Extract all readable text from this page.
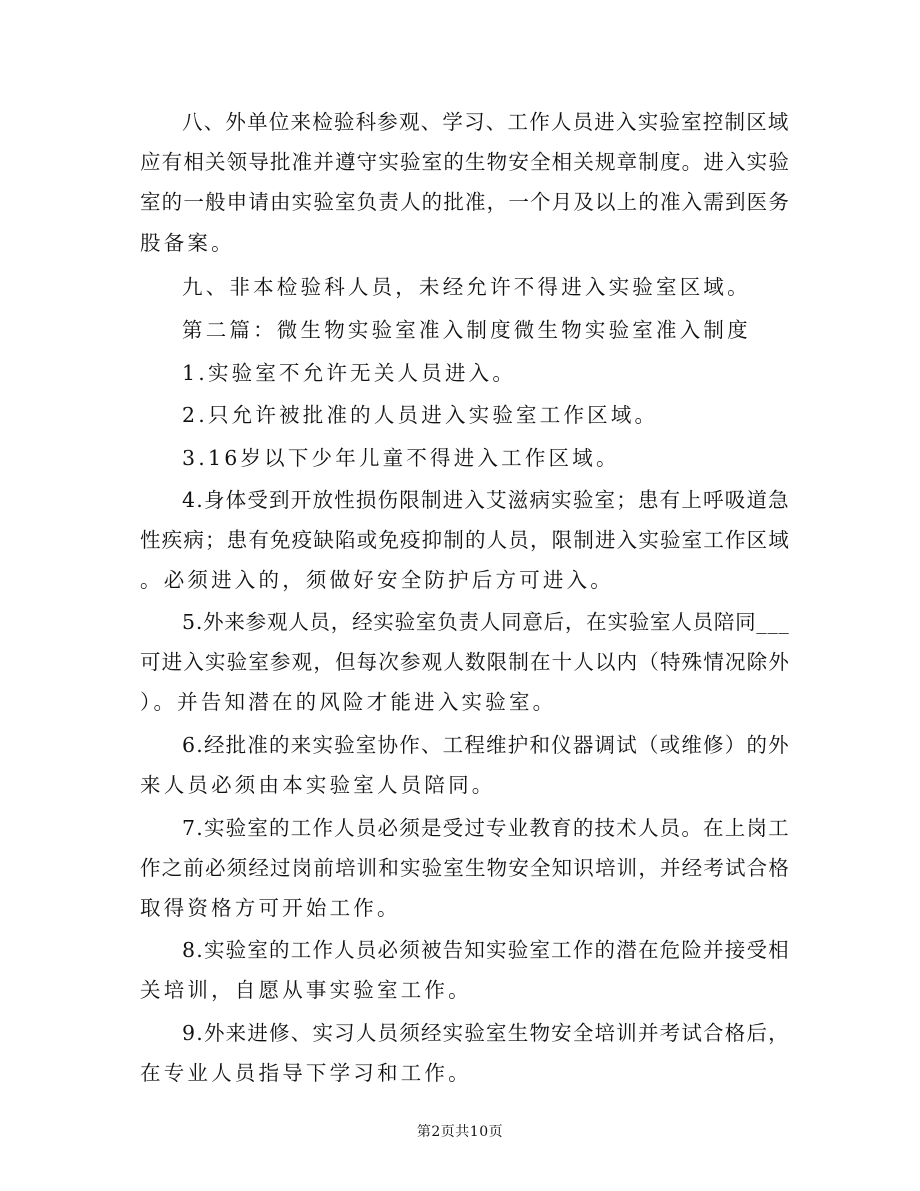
八、外单位来检验科参观、学习、工作人员进入实验室控制区域
应有相关领导批准并遵守实验室的生物安全相关规章制度。进入实验
室的一般申请由实验室负责人的批准，一个月及以上的准入需到医务
股备案。
九、非本检验科人员，未经允许不得进入实验室区域。
第二篇：微生物实验室准入制度微生物实验室准入制度
1.实验室不允许无关人员进入。
2.只允许被批准的人员进入实验室工作区域。
3.16岁以下少年儿童不得进入工作区域。
4.身体受到开放性损伤限制进入艾滋病实验室；患有上呼吸道急
性疾病；患有免疫缺陷或免疫抑制的人员，限制进入实验室工作区域
。必须进入的，须做好安全防护后方可进入。
5.外来参观人员，经实验室负责人同意后，在实验室人员陪同___
可进入实验室参观，但每次参观人数限制在十人以内（特殊情况除外
）。并告知潜在的风险才能进入实验室。
6.经批准的来实验室协作、工程维护和仪器调试（或维修）的外
来人员必须由本实验室人员陪同。
7.实验室的工作人员必须是受过专业教育的技术人员。在上岗工
作之前必须经过岗前培训和实验室生物安全知识培训，并经考试合格
取得资格方可开始工作。
8.实验室的工作人员必须被告知实验室工作的潜在危险并接受相
关培训，自愿从事实验室工作。
9.外来进修、实习人员须经实验室生物安全培训并考试合格后，
在专业人员指导下学习和工作。
第2页共10页
